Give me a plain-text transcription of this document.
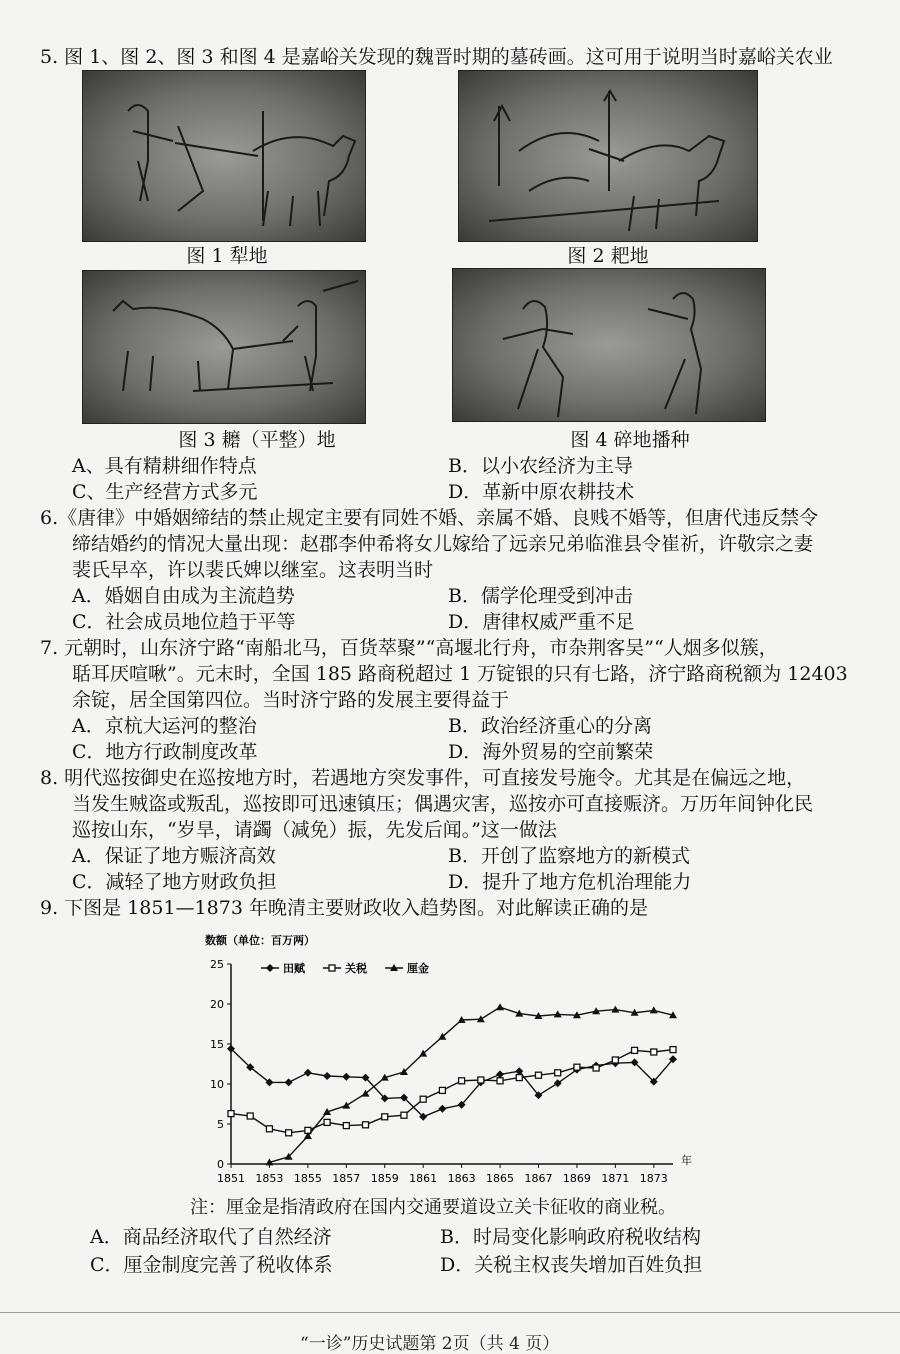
5. 图 1、图 2、图 3 和图 4 是嘉峪关发现的魏晋时期的墓砖画。这可用于说明当时嘉峪关农业
图 1 犁地	图 2 耙地
图 3 耱（平整）地	图 4 碎地播种
A、具有精耕细作特点	B．以小农经济为主导
C、生产经营方式多元	D．革新中原农耕技术
6.《唐律》中婚姻缔结的禁止规定主要有同姓不婚、亲属不婚、良贱不婚等，但唐代违反禁令
缔结婚约的情况大量出现：赵郡李仲希将女儿嫁给了远亲兄弟临淮县令崔祈，许敬宗之妻
裴氏早卒，许以裴氏婢以继室。这表明当时
A．婚姻自由成为主流趋势	B．儒学伦理受到冲击
C．社会成员地位趋于平等	D．唐律权威严重不足
7. 元朝时，山东济宁路“南船北马，百货萃聚”“高堰北行舟，市杂荆客吴”“人烟多似簇，
聒耳厌喧啾”。元末时，全国 185 路商税超过 1 万锭银的只有七路，济宁路商税额为 12403
余锭，居全国第四位。当时济宁路的发展主要得益于
A．京杭大运河的整治	B．政治经济重心的分离
C．地方行政制度改革	D．海外贸易的空前繁荣
8. 明代巡按御史在巡按地方时，若遇地方突发事件，可直接发号施令。尤其是在偏远之地，
当发生贼盗或叛乱，巡按即可迅速镇压；偶遇灾害，巡按亦可直接赈济。万历年间钟化民
巡按山东，“岁旱，请蠲（减免）振，先发后闻。”这一做法
A．保证了地方赈济高效	B．开创了监察地方的新模式
C．减轻了地方财政负担	D．提升了地方危机治理能力
9. 下图是 1851—1873 年晚清主要财政收入趋势图。对此解读正确的是
数额（单位：百万两）
年
0
5
10
15
20
25
1851 1853 1855 1857 1859 1861 1863 1865 1867 1869 1871 1873
田赋	关税	厘金
注：厘金是指清政府在国内交通要道设立关卡征收的商业税。
A．商品经济取代了自然经济	B．时局变化影响政府税收结构
C．厘金制度完善了税收体系	D．关税主权丧失增加百姓负担
“一诊”历史试题第 2页（共 4 页）
